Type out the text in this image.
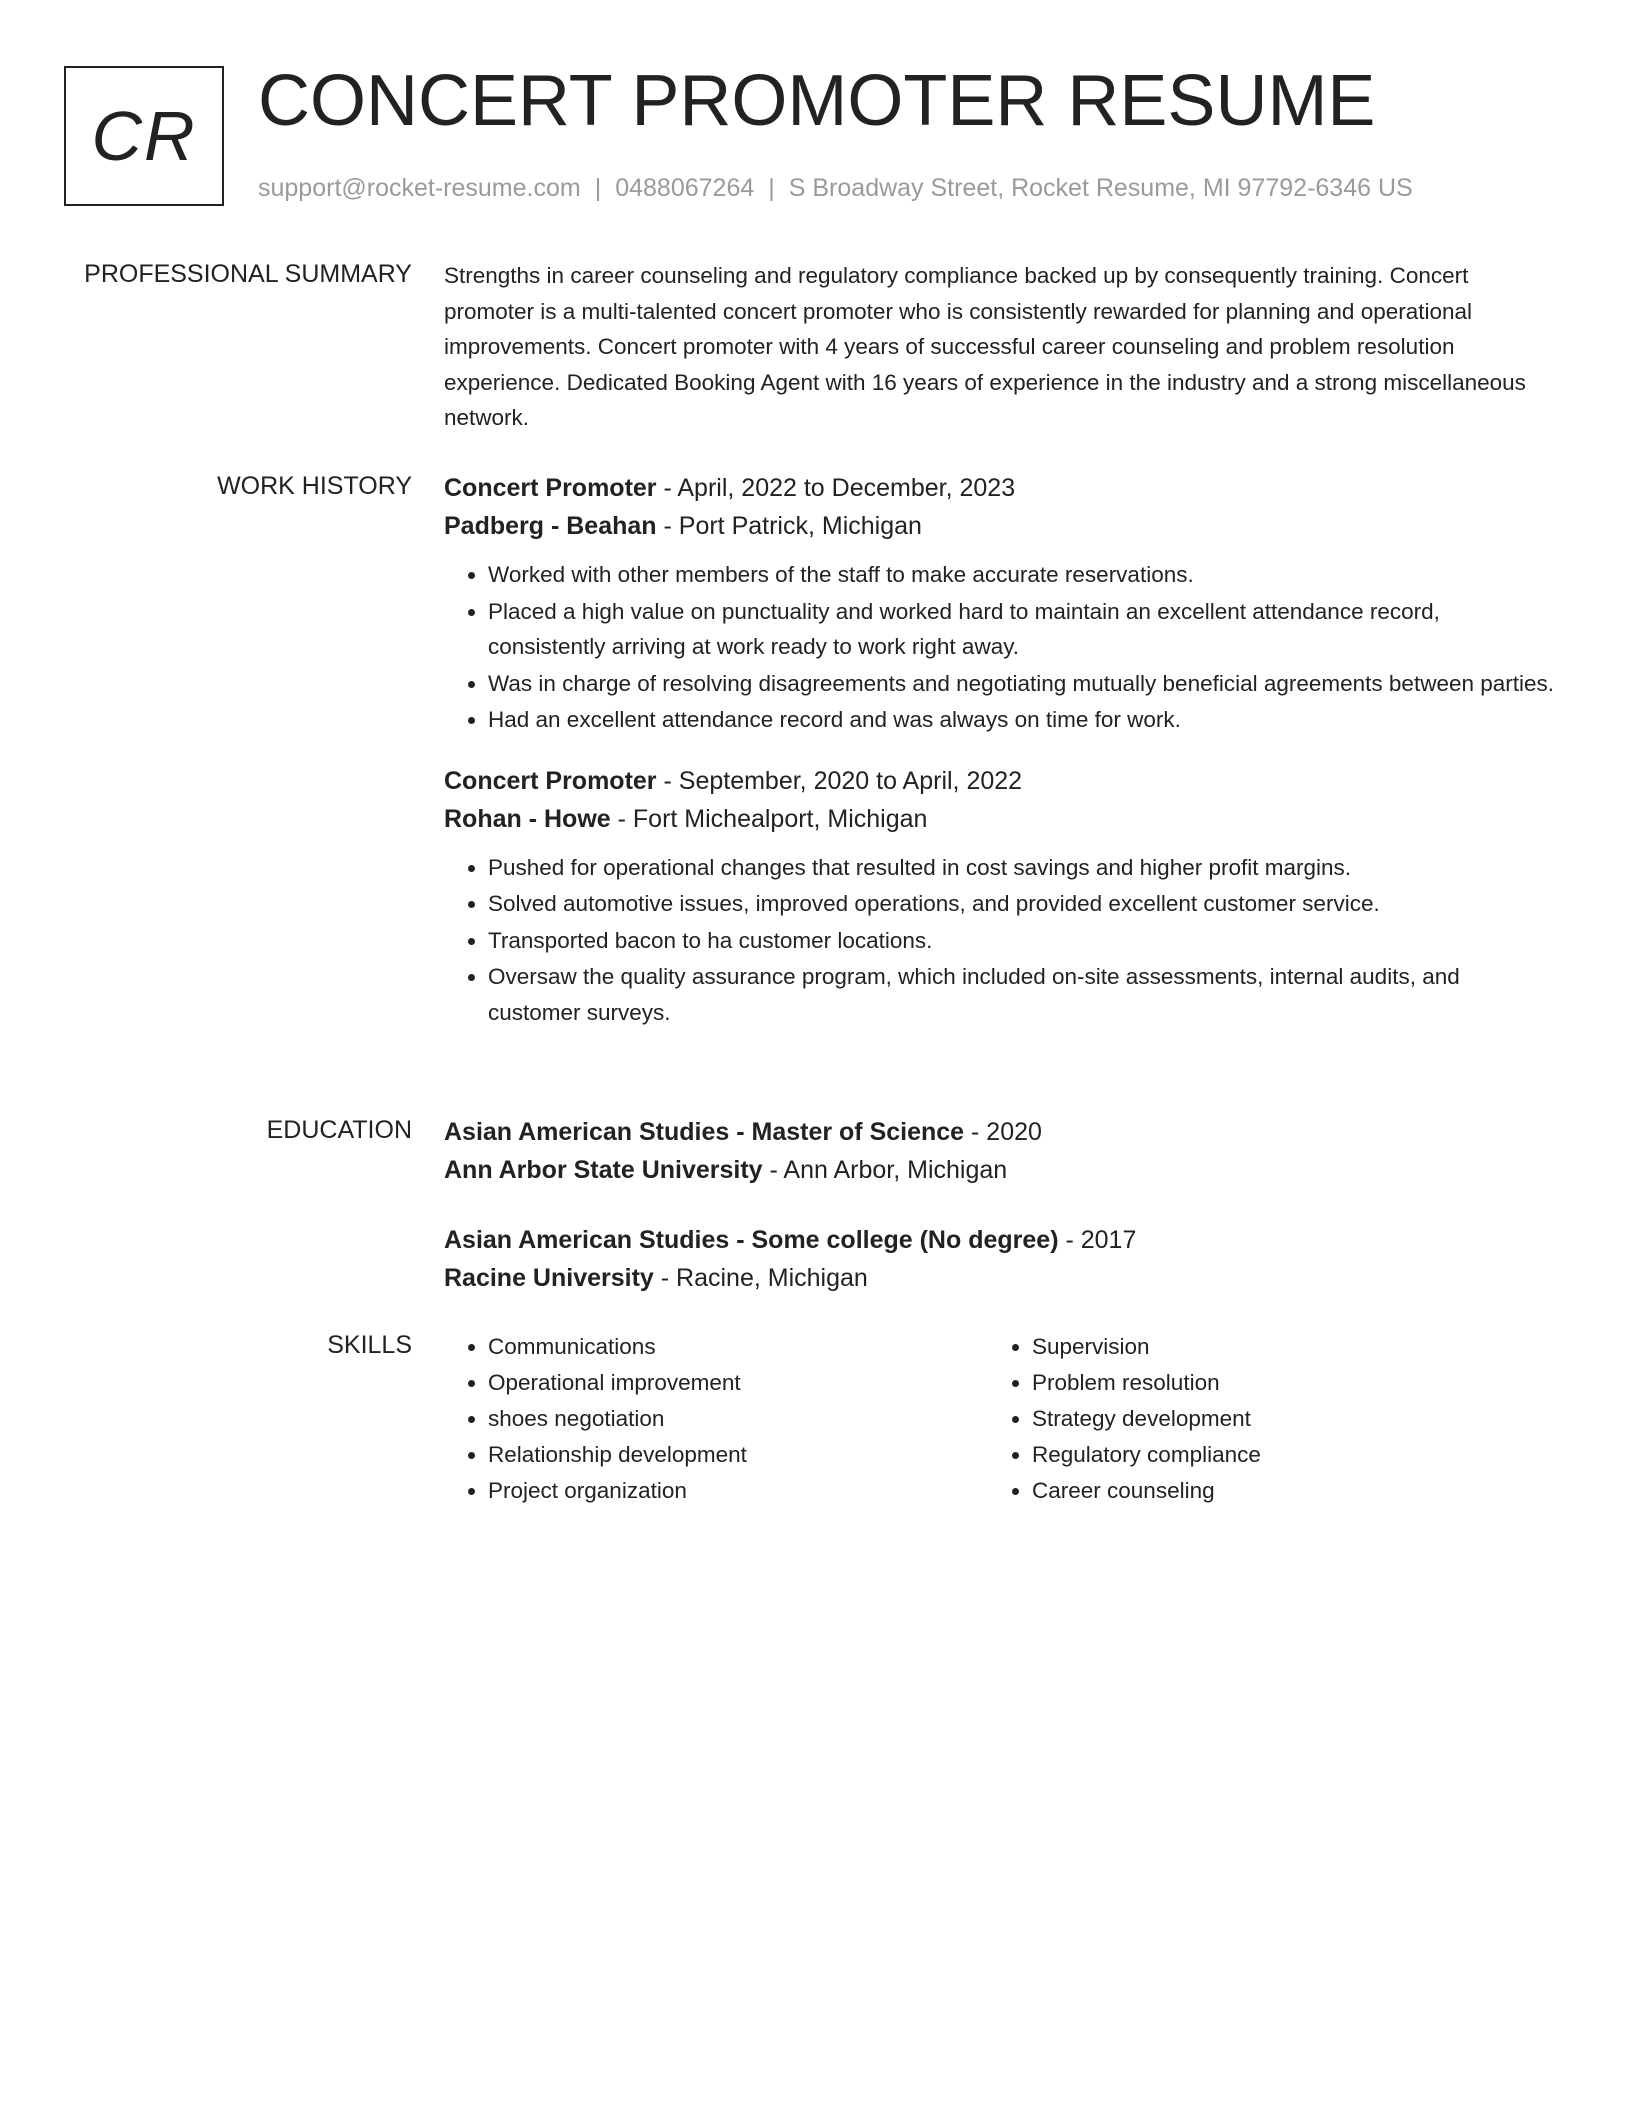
CR CONCERT PROMOTER RESUME
support@rocket-resume.com | 0488067264 | S Broadway Street, Rocket Resume, MI 97792-6346 US
PROFESSIONAL SUMMARY Strengths in career counseling and regulatory compliance backed up by consequently training. Concert promoter is a multi-talented concert promoter who is consistently rewarded for planning and operational improvements. Concert promoter with 4 years of successful career counseling and problem resolution experience. Dedicated Booking Agent with 16 years of experience in the industry and a strong miscellaneous network.

WORK HISTORY Concert Promoter - April, 2022 to December, 2023
Padberg - Beahan - Port Patrick, Michigan
• Worked with other members of the staff to make accurate reservations.
• Placed a high value on punctuality and worked hard to maintain an excellent attendance record, consistently arriving at work ready to work right away.
• Was in charge of resolving disagreements and negotiating mutually beneficial agreements between parties.
• Had an excellent attendance record and was always on time for work.
Concert Promoter - September, 2020 to April, 2022
Rohan - Howe - Fort Michealport, Michigan
• Pushed for operational changes that resulted in cost savings and higher profit margins.
• Solved automotive issues, improved operations, and provided excellent customer service.
• Transported bacon to ha customer locations.
• Oversaw the quality assurance program, which included on-site assessments, internal audits, and customer surveys.
EDUCATION Asian American Studies - Master of Science - 2020
Ann Arbor State University - Ann Arbor, Michigan
Asian American Studies - Some college (No degree) - 2017
Racine University - Racine, Michigan
SKILLS
•	Communications
• Operational improvement
• shoes negotiation
• Relationship development
• Project organization
• Supervision
• Problem resolution
• Strategy development
• Regulatory compliance
• Career counseling
